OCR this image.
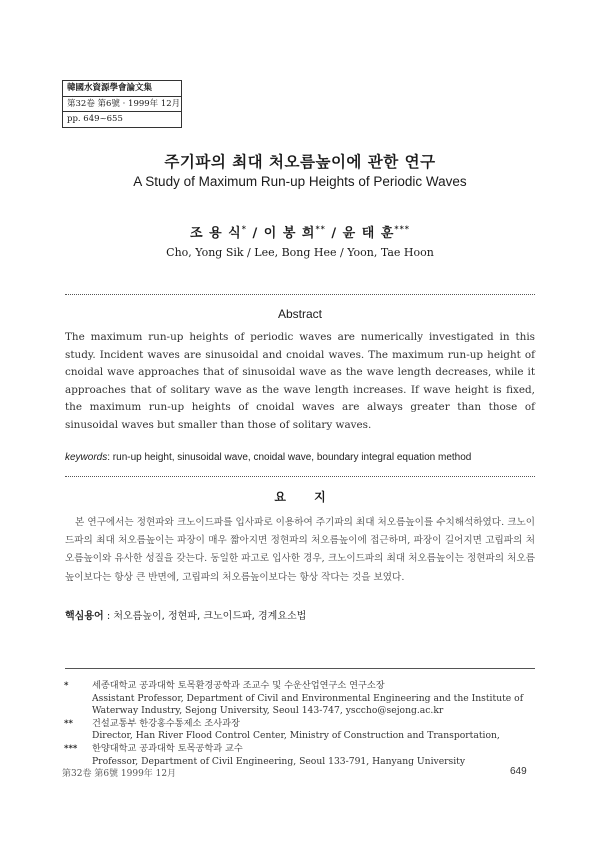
韓國水資源學會論文集
第32卷 第6號 · 1999年 12月
pp. 649~655
주기파의 최대 처오름높이에 관한 연구
A Study of Maximum Run-up Heights of Periodic Waves
조 용 식* / 이 봉 희** / 윤 태 훈***
Cho, Yong Sik / Lee, Bong Hee / Yoon, Tae Hoon
Abstract
The maximum run-up heights of periodic waves are numerically investigated in this study. Incident waves are sinusoidal and cnoidal waves. The maximum run-up height of cnoidal wave approaches that of sinusoidal wave as the wave length decreases, while it approaches that of solitary wave as the wave length increases. If wave height is fixed, the maximum run-up heights of cnoidal waves are always greater than those of sinusoidal waves but smaller than those of solitary waves.
keywords: run-up height, sinusoidal wave, cnoidal wave, boundary integral equation method
요 지
본 연구에서는 정현파와 크노이드파를 입사파로 이용하여 주기파의 최대 처오름높이를 수치해석하였다. 크노이드파의 최대 처오름높이는 파장이 매우 짧아지면 정현파의 처오름높이에 접근하며, 파장이 길어지면 고립파의 처오름높이와 유사한 성질을 갖는다. 동일한 파고로 입사한 경우, 크노이드파의 최대 처오름높이는 정현파의 처오름높이보다는 항상 큰 반면에, 고립파의 처오름높이보다는 항상 작다는 것을 보였다.
핵심용어 : 처오름높이, 정현파, 크노이드파, 경계요소법
*	세종대학교 공과대학 토목환경공학과 조교수 및 수운산업연구소 연구소장
Assistant Professor, Department of Civil and Environmental Engineering and the Institute of Waterway Industry, Sejong University, Seoul 143-747, ysccho@sejong.ac.kr
** 건설교통부 한강홍수통제소 조사과장
Director, Han River Flood Control Center, Ministry of Construction and Transportation,
*** 한양대학교 공과대학 토목공학과 교수
Professor, Department of Civil Engineering, Seoul 133-791, Hanyang University
第32卷 第6號 1999年 12月	649
